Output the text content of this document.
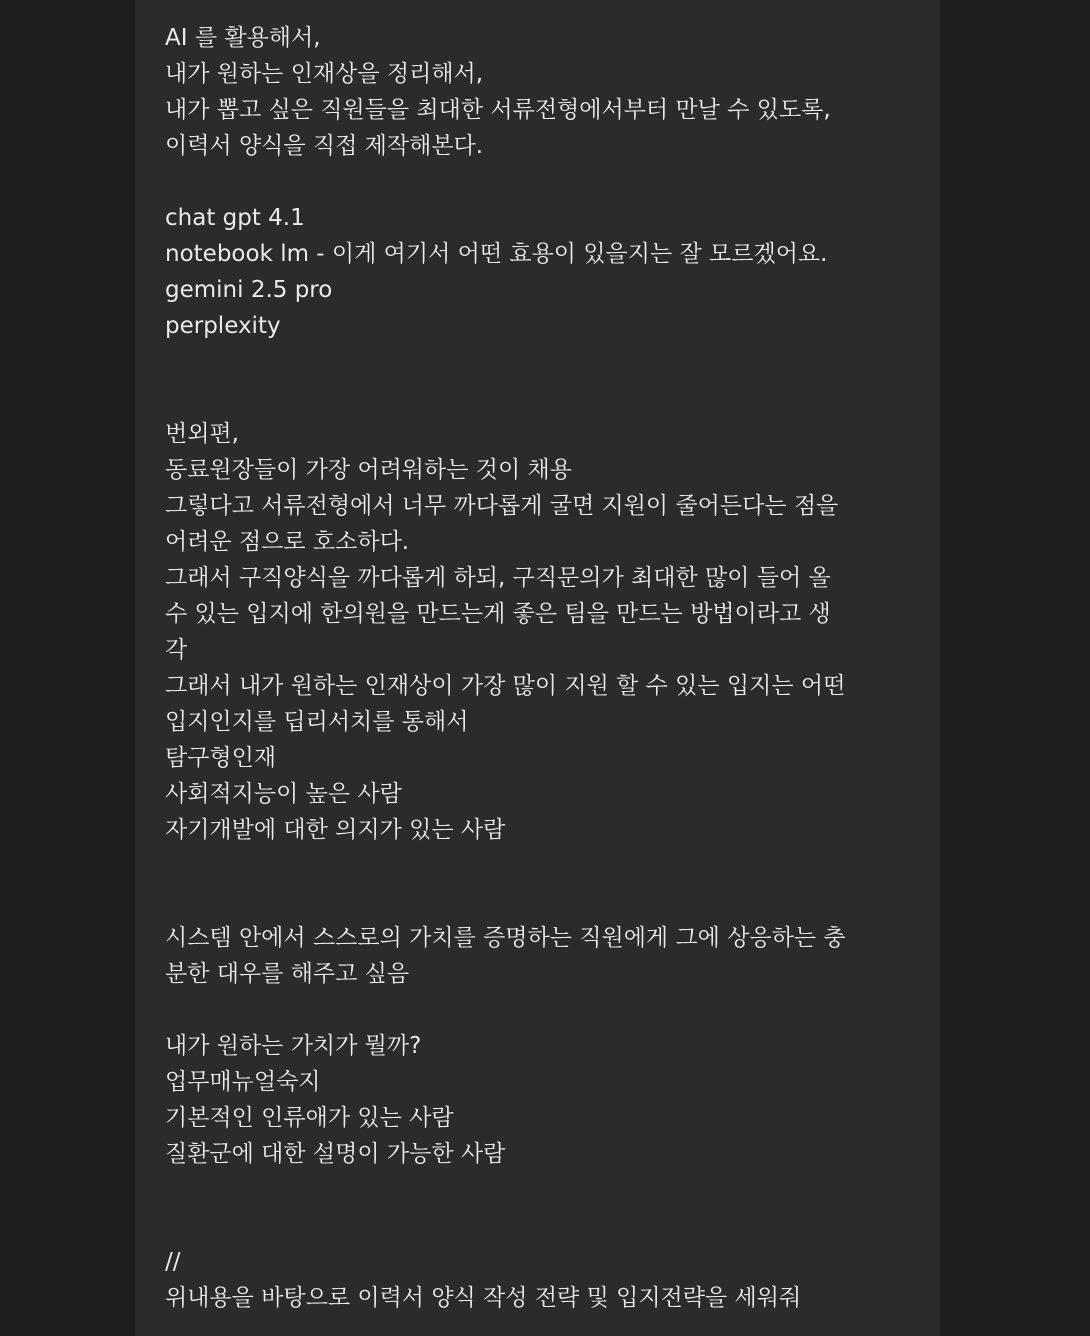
AI 를 활용해서,
내가 원하는 인재상을 정리해서,
내가 뽑고 싶은 직원들을 최대한 서류전형에서부터 만날 수 있도록,
이력서 양식을 직접 제작해본다.
chat gpt 4.1
notebook lm - 이게 여기서 어떤 효용이 있을지는 잘 모르겠어요.
gemini 2.5 pro
perplexity
번외편,
동료원장들이 가장 어려워하는 것이 채용
그렇다고 서류전형에서 너무 까다롭게 굴면 지원이 줄어든다는 점을
어려운 점으로 호소하다.
그래서 구직양식을 까다롭게 하되, 구직문의가 최대한 많이 들어 올
수 있는 입지에 한의원을 만드는게 좋은 팀을 만드는 방법이라고 생
각
그래서 내가 원하는 인재상이 가장 많이 지원 할 수 있는 입지는 어떤
입지인지를 딥리서치를 통해서
탐구형인재
사회적지능이 높은 사람
자기개발에 대한 의지가 있는 사람
시스템 안에서 스스로의 가치를 증명하는 직원에게 그에 상응하는 충
분한 대우를 해주고 싶음
내가 원하는 가치가 뭘까?
업무매뉴얼숙지
기본적인 인류애가 있는 사람
질환군에 대한 설명이 가능한 사람
//
위내용을 바탕으로 이력서 양식 작성 전략 및 입지전략을 세워줘
